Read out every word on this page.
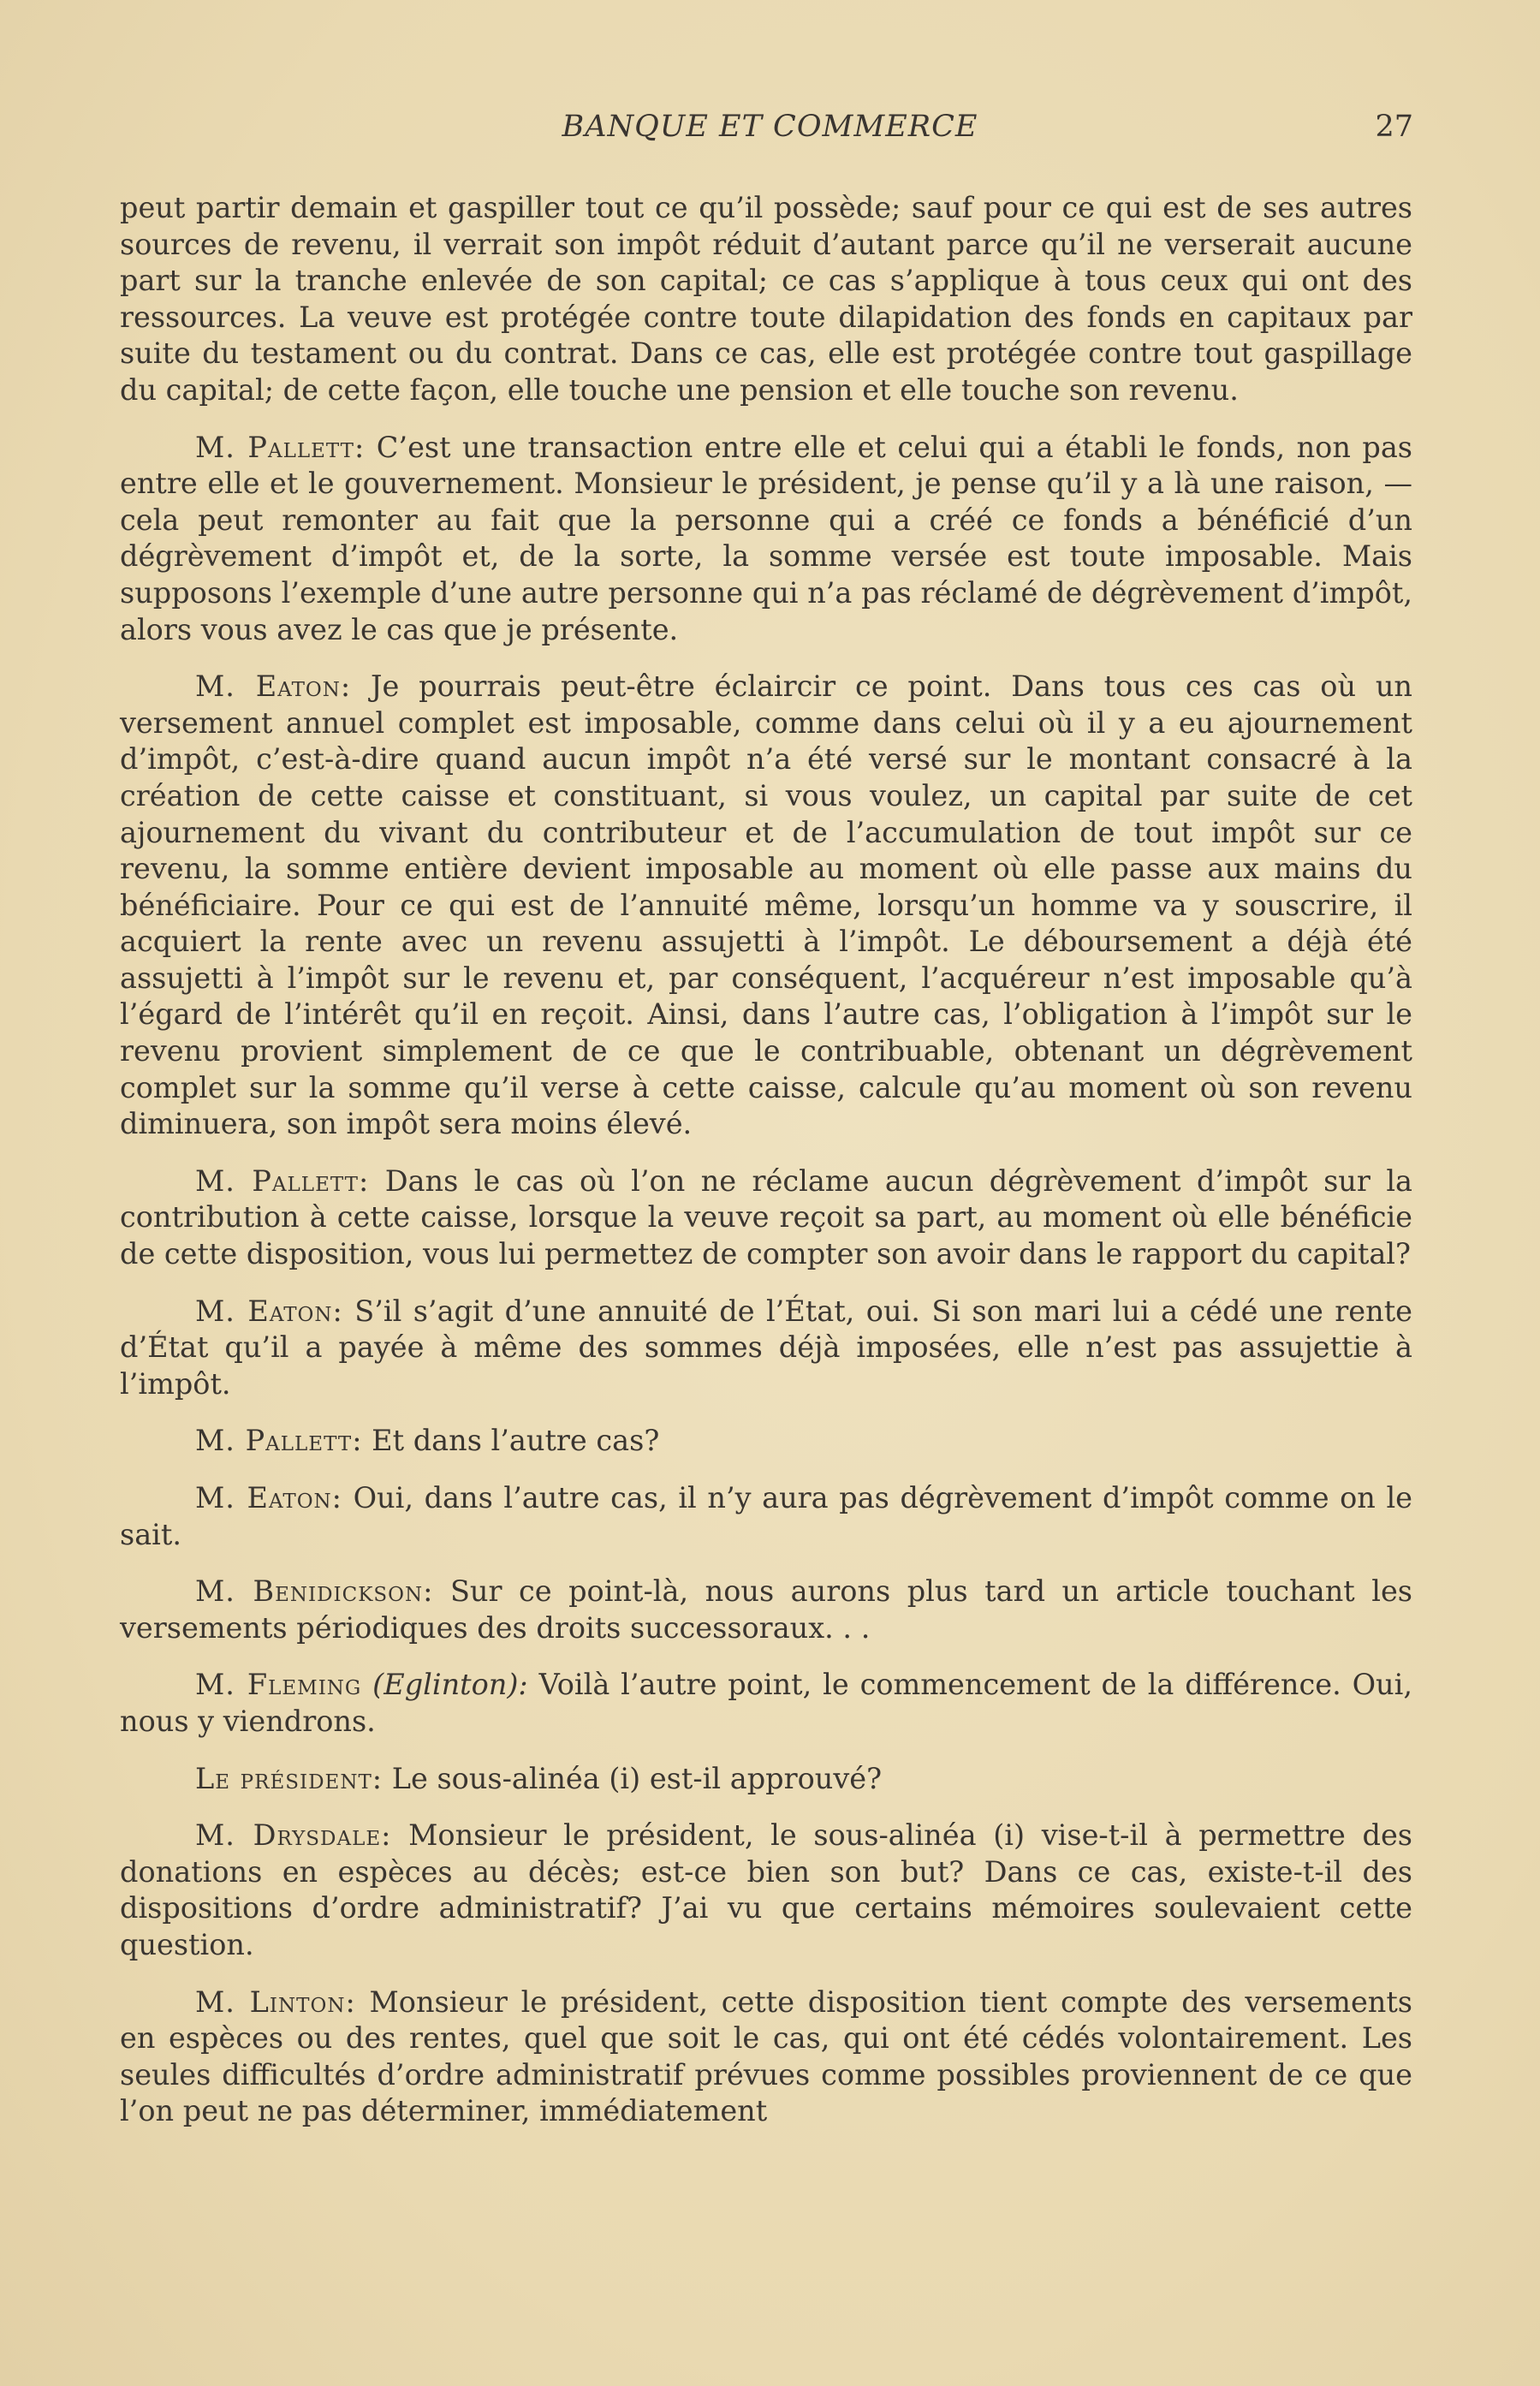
BANQUE ET COMMERCE	27

peut partir demain et gaspiller tout ce qu’il possède; sauf pour ce qui est de ses autres sources de revenu, il verrait son impôt réduit d’autant parce qu’il ne verserait aucune part sur la tranche enlevée de son capital; ce cas s’applique à tous ceux qui ont des ressources. La veuve est protégée contre toute dilapidation des fonds en capitaux par suite du testament ou du contrat. Dans ce cas, elle est protégée contre tout gaspillage du capital; de cette façon, elle touche une pension et elle touche son revenu.

M. Pallett: C’est une transaction entre elle et celui qui a établi le fonds, non pas entre elle et le gouvernement. Monsieur le président, je pense qu’il y a là une raison, — cela peut remonter au fait que la personne qui a créé ce fonds a bénéficié d’un dégrèvement d’impôt et, de la sorte, la somme versée est toute imposable. Mais supposons l’exemple d’une autre personne qui n’a pas réclamé de dégrèvement d’impôt, alors vous avez le cas que je présente.

M. Eaton: Je pourrais peut-être éclaircir ce point. Dans tous ces cas où un versement annuel complet est imposable, comme dans celui où il y a eu ajournement d’impôt, c’est-à-dire quand aucun impôt n’a été versé sur le montant consacré à la création de cette caisse et constituant, si vous voulez, un capital par suite de cet ajournement du vivant du contributeur et de l’accumulation de tout impôt sur ce revenu, la somme entière devient imposable au moment où elle passe aux mains du bénéficiaire. Pour ce qui est de l’annuité même, lorsqu’un homme va y souscrire, il acquiert la rente avec un revenu assujetti à l’impôt. Le déboursement a déjà été assujetti à l’impôt sur le revenu et, par conséquent, l’acquéreur n’est imposable qu’à l’égard de l’intérêt qu’il en reçoit. Ainsi, dans l’autre cas, l’obligation à l’impôt sur le revenu provient simplement de ce que le contribuable, obtenant un dégrèvement complet sur la somme qu’il verse à cette caisse, calcule qu’au moment où son revenu diminuera, son impôt sera moins élevé.

M. Pallett: Dans le cas où l’on ne réclame aucun dégrèvement d’impôt sur la contribution à cette caisse, lorsque la veuve reçoit sa part, au moment où elle bénéficie de cette disposition, vous lui permettez de compter son avoir dans le rapport du capital?

M. Eaton: S’il s’agit d’une annuité de l’État, oui. Si son mari lui a cédé une rente d’État qu’il a payée à même des sommes déjà imposées, elle n’est pas assujettie à l’impôt.

M. Pallett: Et dans l’autre cas?

M. Eaton: Oui, dans l’autre cas, il n’y aura pas dégrèvement d’impôt comme on le sait.

M. Benidickson: Sur ce point-là, nous aurons plus tard un article touchant les versements périodiques des droits successoraux. . .

M. Fleming (Eglinton): Voilà l’autre point, le commencement de la différence. Oui, nous y viendrons.

Le président: Le sous-alinéa (i) est-il approuvé?

M. Drysdale: Monsieur le président, le sous-alinéa (i) vise-t-il à permettre des donations en espèces au décès; est-ce bien son but? Dans ce cas, existe-t-il des dispositions d’ordre administratif? J’ai vu que certains mémoires soulevaient cette question.

M. Linton: Monsieur le président, cette disposition tient compte des versements en espèces ou des rentes, quel que soit le cas, qui ont été cédés volontairement. Les seules difficultés d’ordre administratif prévues comme possibles proviennent de ce que l’on peut ne pas déterminer, immédiatement
